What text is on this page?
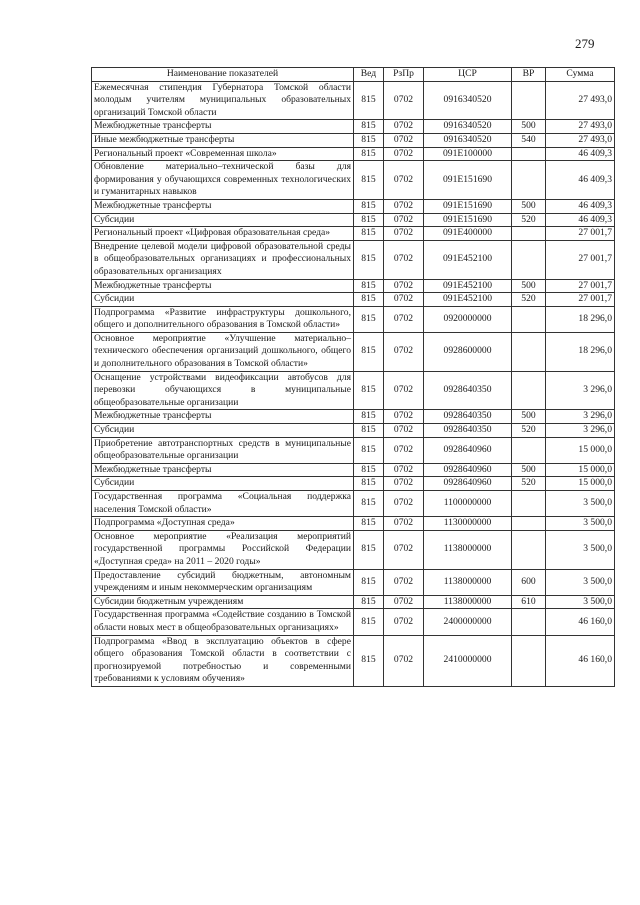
279
Наименование показателей	Вед	РзПр	ЦСР	ВР	Сумма
Ежемесячная стипендия Губернатора Томской области молодым учителям муниципальных образовательных организаций Томской области	815	0702	0916340520		27 493,0
Межбюджетные трансферты	815	0702	0916340520	500	27 493,0
Иные межбюджетные трансферты	815	0702	0916340520	540	27 493,0
Региональный проект «Современная школа»	815	0702	091E100000		46 409,3
Обновление материально–технической базы для формирования у обучающихся современных технологических и гуманитарных навыков	815	0702	091E151690		46 409,3
Межбюджетные трансферты	815	0702	091E151690	500	46 409,3
Субсидии	815	0702	091E151690	520	46 409,3
Региональный проект «Цифровая образовательная среда»	815	0702	091E400000		27 001,7
Внедрение целевой модели цифровой образовательной среды в общеобразовательных организациях и профессиональных образовательных организациях	815	0702	091E452100		27 001,7
Межбюджетные трансферты	815	0702	091E452100	500	27 001,7
Субсидии	815	0702	091E452100	520	27 001,7
Подпрограмма «Развитие инфраструктуры дошкольного, общего и дополнительного образования в Томской области»	815	0702	0920000000		18 296,0
Основное мероприятие «Улучшение материально–технического обеспечения организаций дошкольного, общего и дополнительного образования в Томской области»	815	0702	0928600000		18 296,0
Оснащение устройствами видеофиксации автобусов для перевозки обучающихся в муниципальные общеобразовательные организации	815	0702	0928640350		3 296,0
Межбюджетные трансферты	815	0702	0928640350	500	3 296,0
Субсидии	815	0702	0928640350	520	3 296,0
Приобретение автотранспортных средств в муниципальные общеобразовательные организации	815	0702	0928640960		15 000,0
Межбюджетные трансферты	815	0702	0928640960	500	15 000,0
Субсидии	815	0702	0928640960	520	15 000,0
Государственная программа «Социальная поддержка населения Томской области»	815	0702	1100000000		3 500,0
Подпрограмма «Доступная среда»	815	0702	1130000000		3 500,0
Основное мероприятие «Реализация мероприятий государственной программы Российской Федерации «Доступная среда» на 2011 – 2020 годы»	815	0702	1138000000		3 500,0
Предоставление субсидий бюджетным, автономным учреждениям и иным некоммерческим организациям	815	0702	1138000000	600	3 500,0
Субсидии бюджетным учреждениям	815	0702	1138000000	610	3 500,0
Государственная программа «Содействие созданию в Томской области новых мест в общеобразовательных организациях»	815	0702	2400000000		46 160,0
Подпрограмма «Ввод в эксплуатацию объектов в сфере общего образования Томской области в соответствии с прогнозируемой потребностью и современными требованиями к условиям обучения»	815	0702	2410000000		46 160,0
